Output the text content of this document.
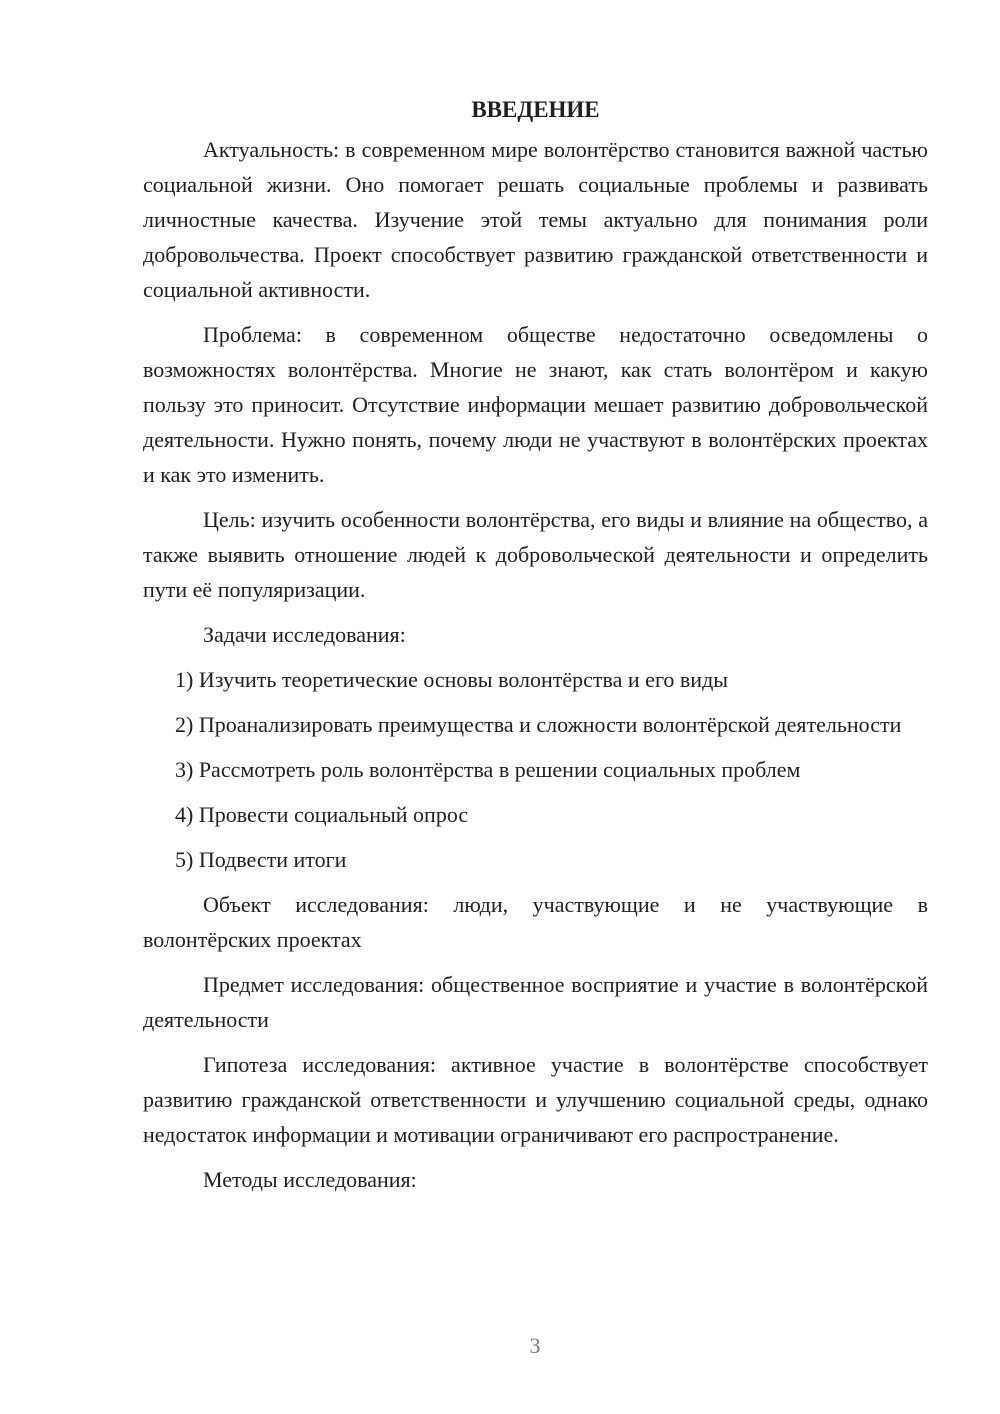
ВВЕДЕНИЕ

Актуальность: в современном мире волонтёрство становится важной частью социальной жизни. Оно помогает решать социальные проблемы и развивать личностные качества. Изучение этой темы актуально для понимания роли добровольчества. Проект способствует развитию гражданской ответственности и социальной активности.

Проблема: в современном обществе недостаточно осведомлены о возможностях волонтёрства. Многие не знают, как стать волонтёром и какую пользу это приносит. Отсутствие информации мешает развитию добровольческой деятельности. Нужно понять, почему люди не участвуют в волонтёрских проектах и как это изменить.

Цель: изучить особенности волонтёрства, его виды и влияние на общество, а также выявить отношение людей к добровольческой деятельности и определить пути её популяризации.

Задачи исследования:

1) Изучить теоретические основы волонтёрства и его виды

2) Проанализировать преимущества и сложности волонтёрской деятельности

3) Рассмотреть роль волонтёрства в решении социальных проблем

4) Провести социальный опрос

5) Подвести итоги

Объект исследования: люди, участвующие и не участвующие в волонтёрских проектах

Предмет исследования: общественное восприятие и участие в волонтёрской деятельности

Гипотеза исследования: активное участие в волонтёрстве способствует развитию гражданской ответственности и улучшению социальной среды, однако недостаток информации и мотивации ограничивают его распространение.

Методы исследования:

3
